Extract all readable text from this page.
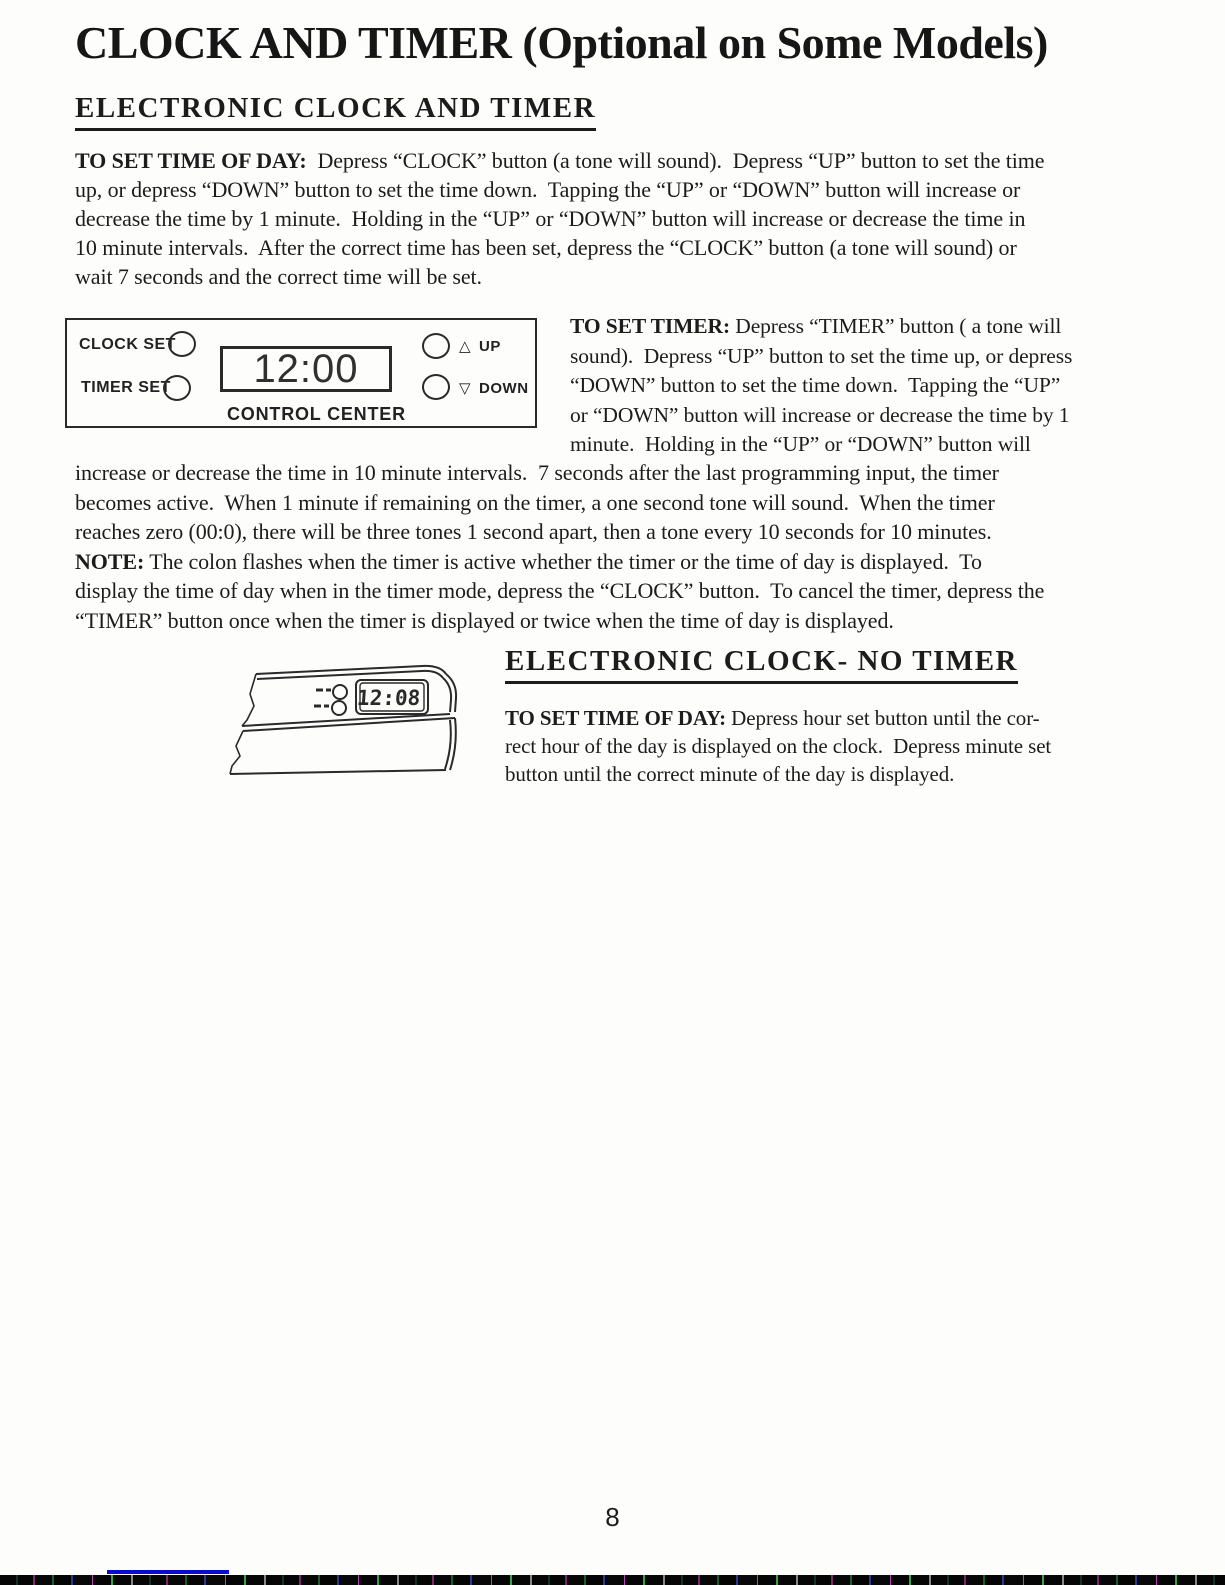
CLOCK AND TIMER (Optional on Some Models)
ELECTRONIC CLOCK AND TIMER
TO SET TIME OF DAY:  Depress “CLOCK” button (a tone will sound).  Depress “UP” button to set the time
up, or depress “DOWN” button to set the time down.  Tapping the “UP” or “DOWN” button will increase or
decrease the time by 1 minute.  Holding in the “UP” or “DOWN” button will increase or decrease the time in
10 minute intervals.  After the correct time has been set, depress the “CLOCK” button (a tone will sound) or
wait 7 seconds and the correct time will be set.
CLOCK SET
TIMER SET 12:00	△ UP
▽ DOWN
CONTROL CENTER
TO SET TIMER: Depress “TIMER” button ( a tone will
sound).  Depress “UP” button to set the time up, or depress
“DOWN” button to set the time down.  Tapping the “UP”
or “DOWN” button will increase or decrease the time by 1
minute.  Holding in the “UP” or “DOWN” button will
increase or decrease the time in 10 minute intervals.  7 seconds after the last programming input, the timer
becomes active.  When 1 minute if remaining on the timer, a one second tone will sound.  When the timer
reaches zero (00:0), there will be three tones 1 second apart, then a tone every 10 seconds for 10 minutes.
NOTE: The colon flashes when the timer is active whether the timer or the time of day is displayed.  To
display the time of day when in the timer mode, depress the “CLOCK” button.  To cancel the timer, depress the
“TIMER” button once when the timer is displayed or twice when the time of day is displayed.
12:08
ELECTRONIC CLOCK- NO TIMER
TO SET TIME OF DAY: Depress hour set button until the cor-
rect hour of the day is displayed on the clock.  Depress minute set
button until the correct minute of the day is displayed.
8
